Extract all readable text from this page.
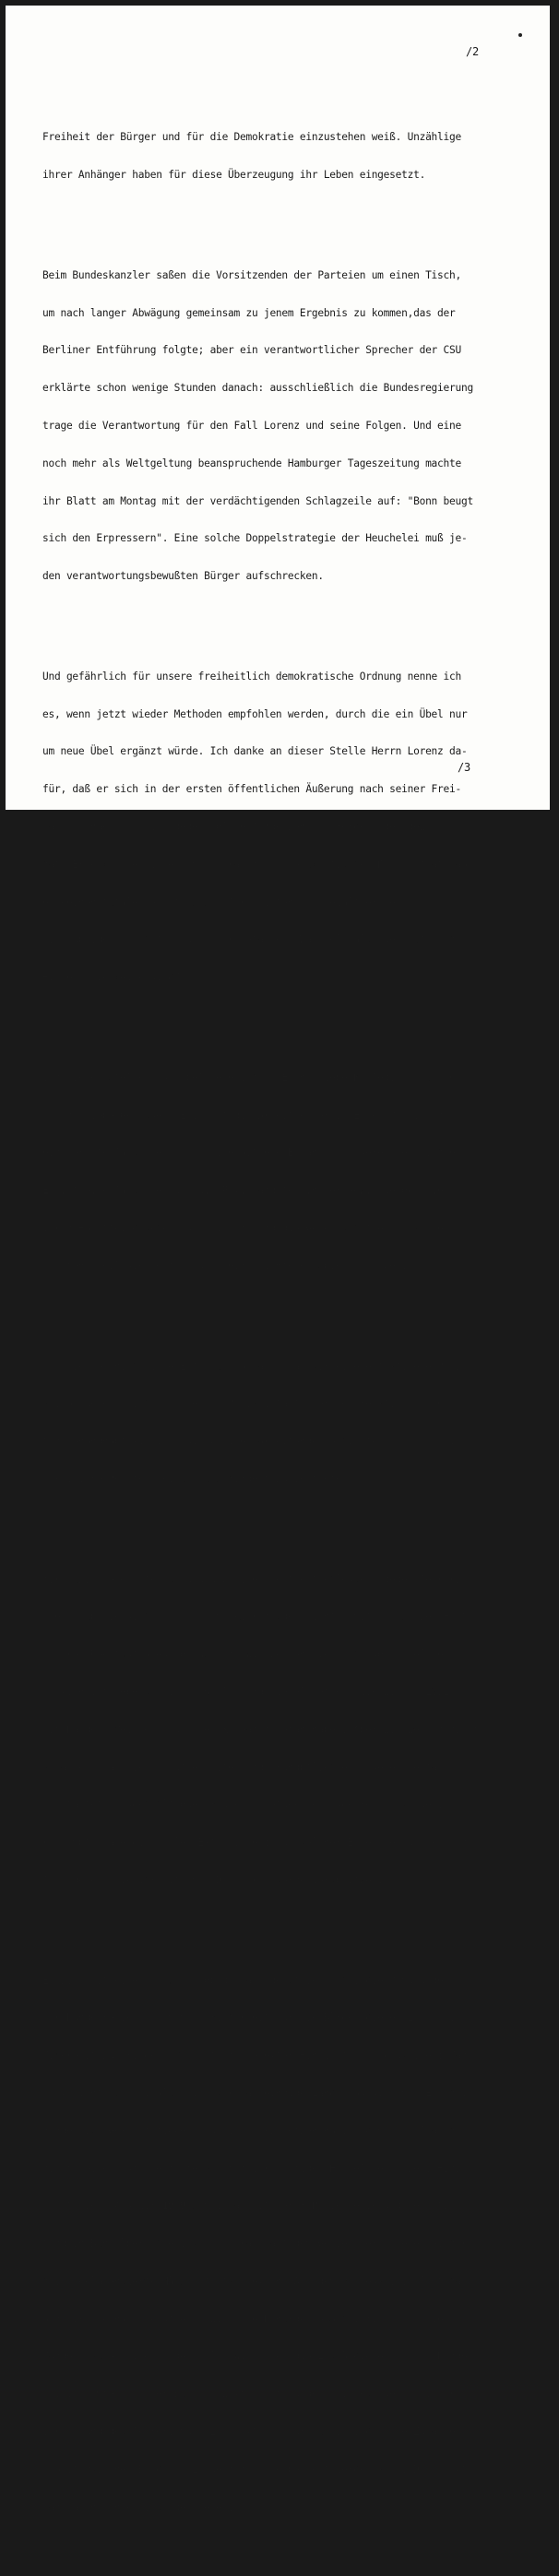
/2

Freiheit der Bürger und für die Demokratie einzustehen weiß. Unzählige

ihrer Anhänger haben für diese Überzeugung ihr Leben eingesetzt.

Beim Bundeskanzler saßen die Vorsitzenden der Parteien um einen Tisch,

um nach langer Abwägung gemeinsam zu jenem Ergebnis zu kommen,das der

Berliner Entführung folgte; aber ein verantwortlicher Sprecher der CSU

erklärte schon wenige Stunden danach: ausschließlich die Bundesregierung

trage die Verantwortung für den Fall Lorenz und seine Folgen. Und eine

noch mehr als Weltgeltung beanspruchende Hamburger Tageszeitung machte

ihr Blatt am Montag mit der verdächtigenden Schlagzeile auf: "Bonn beugt

sich den Erpressern". Eine solche Doppelstrategie der Heuchelei muß je-

den verantwortungsbewußten Bürger aufschrecken.

Und gefährlich für unsere freiheitlich demokratische Ordnung nenne ich

es, wenn jetzt wieder Methoden empfohlen werden, durch die ein Übel nur

um neue Übel ergänzt würde. Ich danke an dieser Stelle Herrn Lorenz da-

für, daß er sich in der ersten öffentlichen Äußerung nach seiner Frei-

lassung nachdrücklich gegen solche Tendenzen und Forderungen gewandt

hat. Er erklärte, in einem liberalen und demokratischen Rechtsstaat gäbe

es keinen totalen Schutz gegen Terroristen und Gewaltverbrecher. Das

gilt übrigens auch für autoritäre Staaten. Was soll also der Ruf nach

Hilfen, die keine sind?

Von dieser Stelle aus appelliere ich an Euch, liebe Kolleginnen und Kol-

legen, liebe Genossen! Erinnert die Arbeitnehmer in Euren Betrieben an

eine ernste Tatsache und an eine bittere Erfahrung unserer Geschichte:

Es ist eine Tatsache, daß die Politgangster in der Sozialdemokratie

ihren Hauptfeind sehen; daß sie uns und die Gewerkschaften schwächen

möchten, weil sie hoffen, dann ein leichteres Spiel zu haben.

Und die geschichtliche Erfahrung besagt, daß wir eine effektivere Poli-

zei brauchen, nicht aber einen Polizeistaat, der von reaktionären Kräf-

ten gehandhabt wird, um die breiten arbeitenden Schichten daran zu hin-

dern, ihre Rechte frei und ungehindert zu vertreten.

Wir Sozialdemokraten sind und bleiben fest entschlossen, gegen Terrori-

sten - ob sie sich politisch maskieren oder nicht - mit der ganzen Härte

unseres Rechtsstaates vorzugehen. Wir werden sie auch, so schnell es

möglich ist, ebenso hinter Schloß und Riegel setzen, wie wir es 1972

mit Baader, Meinhof und ihren Kumpanen getan haben. Aber wir werden nicht

zulassen, daß die Grundfreiheiten und Grundpflichten unserer Verfassung

angetastet, ausgehöhlt oder Stück für Stück herausgebrochen werden. Unse-

re Kampfansage gilt allen Extremisten: aus welcher Ecke sie auch kommen.

Auch denen, die ihr Gift mit Druckerschwärze verspritzen.

Es wird mit einem großen Propagandaaufgebot versucht, die Bemühungen

der Bundesregierung um mehr Sicherheit für die Bürger dieses Landes in

Mißkredit zu bringen. Das ist in doppelter Hinsicht zurückzuweisen: Man

soll nicht so tun, als seien wir das einzige Land, das sich mit Erschei-

nungen von Gewalttätigkeit auseinanderzusetzen hat. Und man soll auch

nicht meinen, starke Worte könnten vernünftiges Handeln ersetzen. Hinzu

kommt dies: Als wir 1969 gemeinsam mit der FDP die Regierungsverantwor-

tung in Bonn übernahmen, waren gerade auf dem Gebiet der inneren Sicher-

heit beklagenswerte Mängel festzustellen. Aus dem Bundeskriminalamt ha-

ben wir überhaupt erst eine wirksame Behörde gemacht. Wir haben die

Mängel, wo es ging, abgestellt. Wir haben die Zuständigkeiten des Bundes-

kriminalamtes und der Bundesanwaltschaft ausgebaut, besonders bei der

Verfolgung des Terrorismus. Ich halte es für möglich, daß die Zusammen-

arbeit zwischen Bund und Ländern noch verbessert werden kann. Das sollte

dann auch schleunigst geschehen.

/3
